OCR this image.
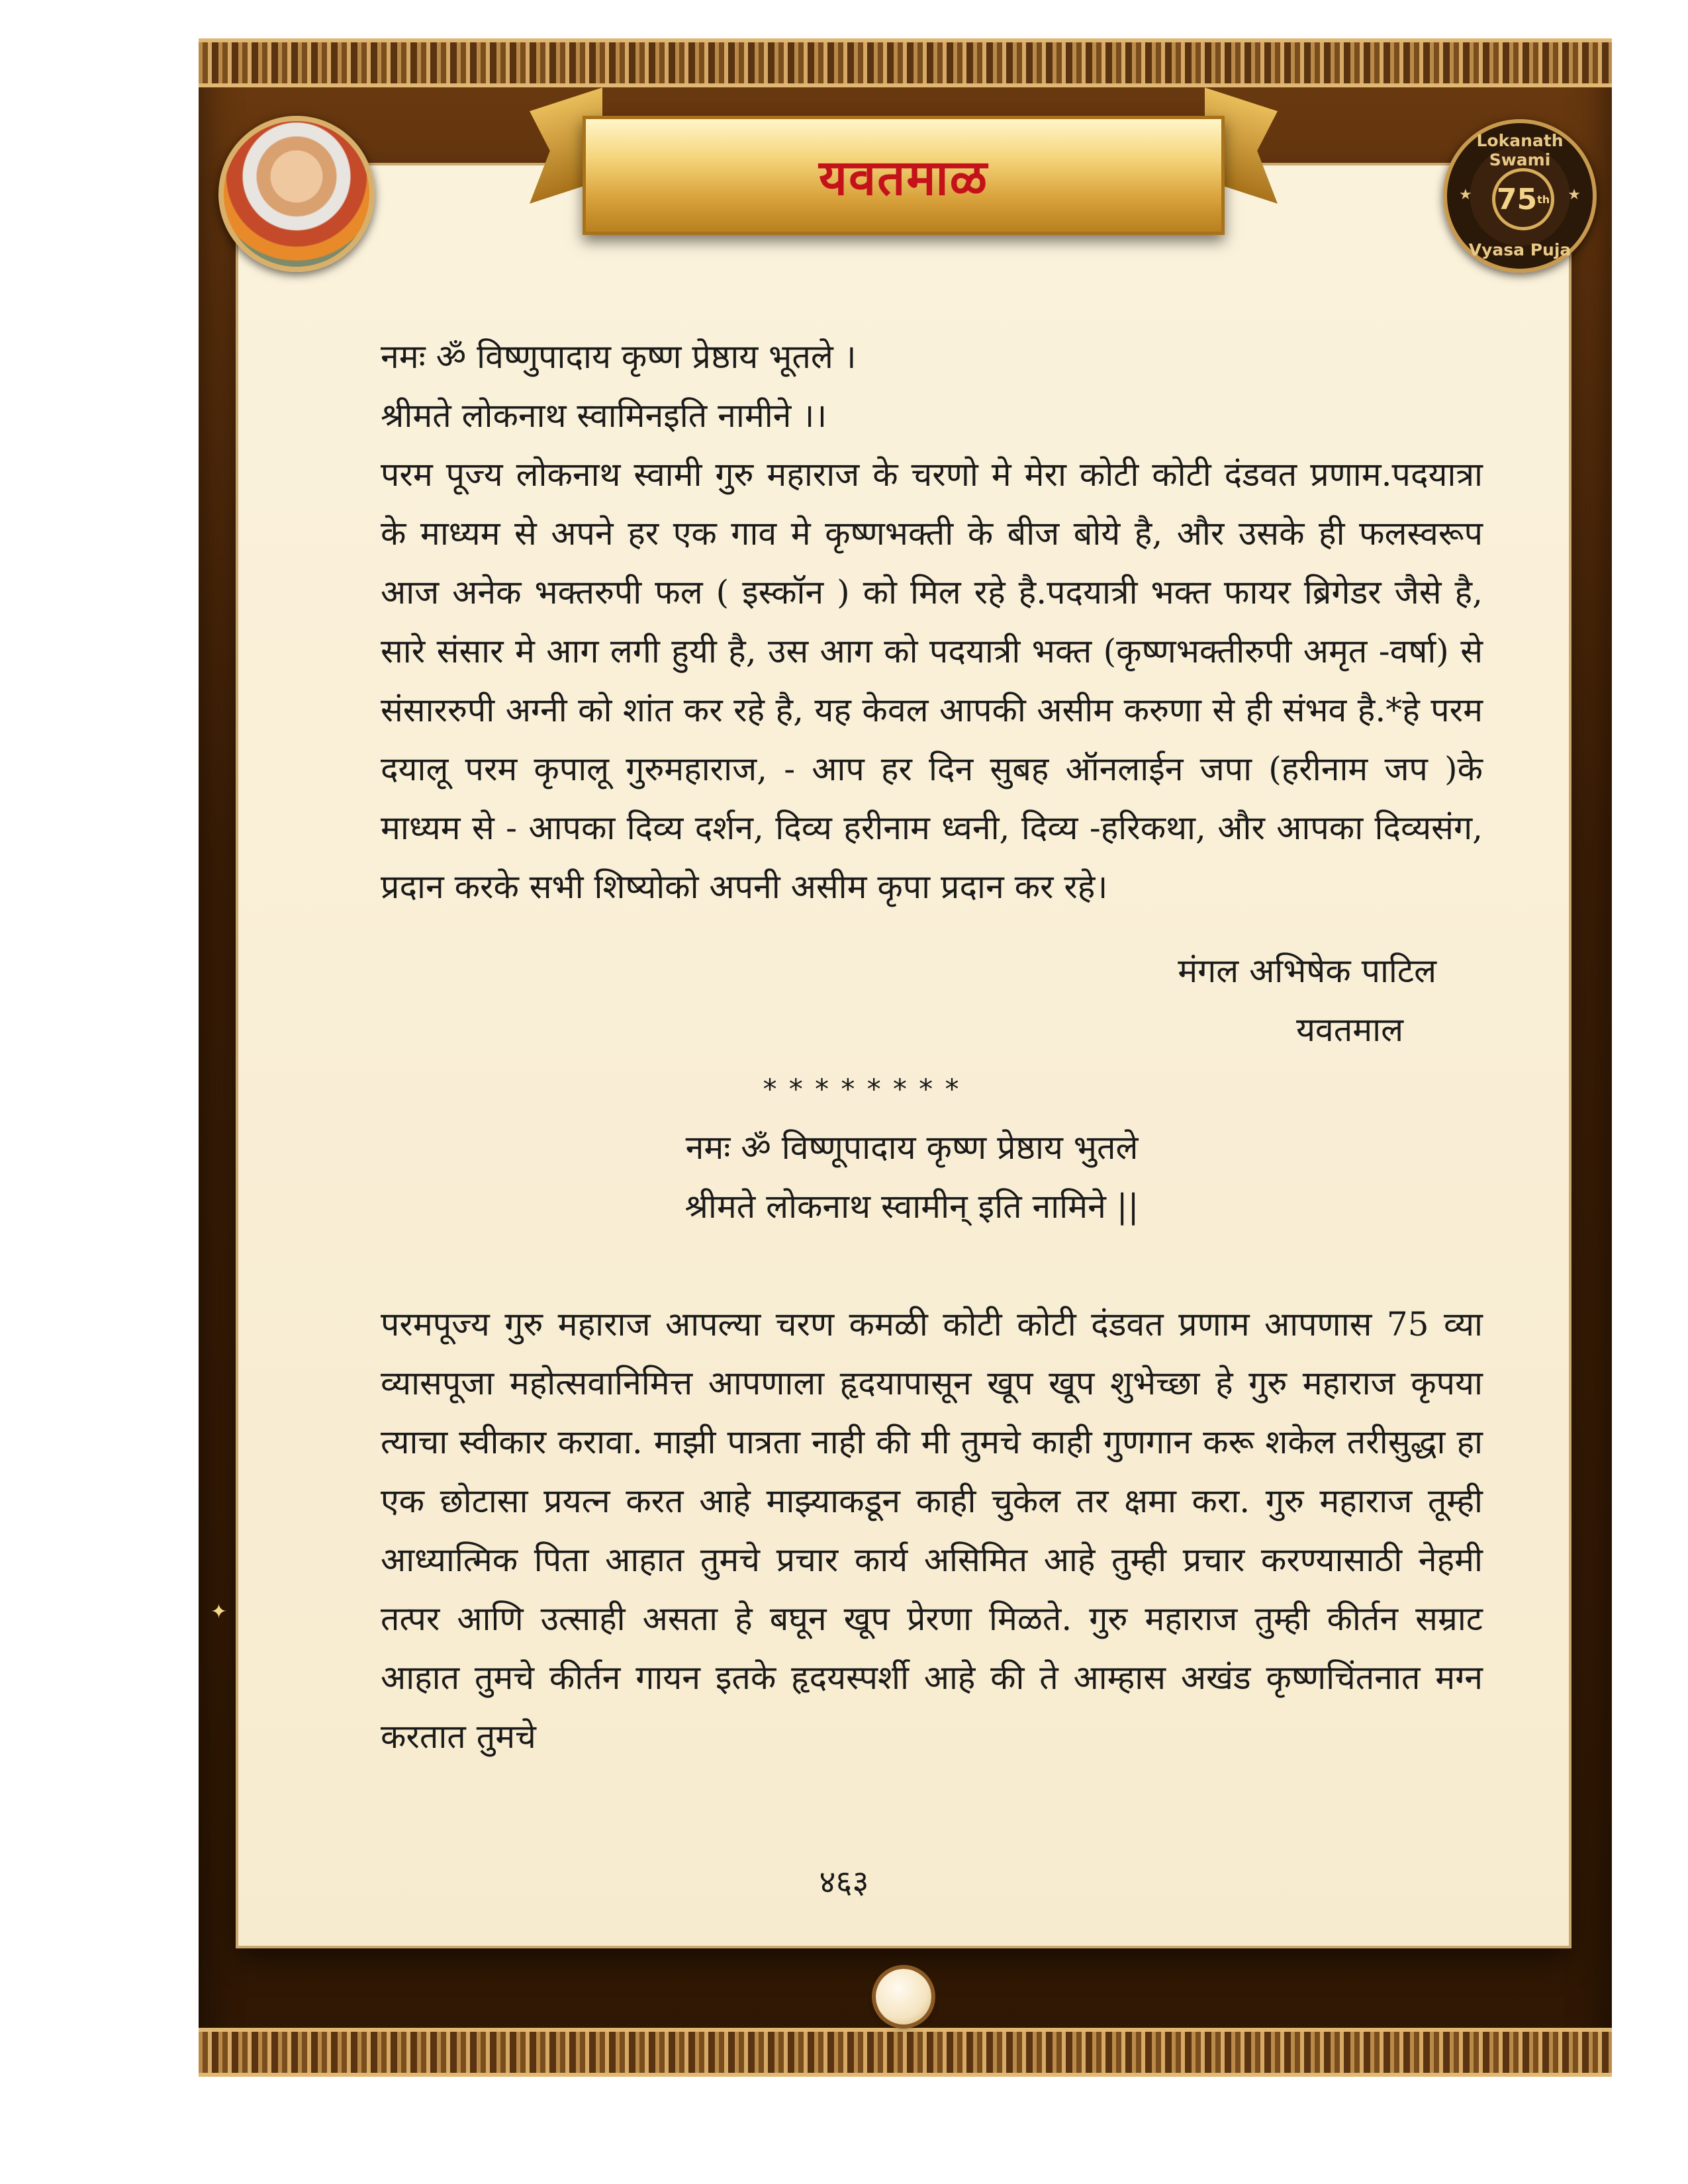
Lokanath Swami
★	★
75 th
Vyasa Puja
यवतमाळ

नमः ॐ विष्णुपादाय कृष्ण प्रेष्ठाय भूतले ।

श्रीमते लोकनाथ स्वामिनइति नामीने ।।

परम पूज्य लोकनाथ स्वामी गुरु महाराज के चरणो मे मेरा कोटी कोटी दंडवत प्रणाम.पदयात्रा के माध्यम से अपने हर एक गाव मे कृष्णभक्ती के बीज बोये है, और उसके ही फलस्वरूप आज अनेक भक्तरुपी फल ( इस्कॉन ) को मिल रहे है.पदयात्री भक्त फायर ब्रिगेडर जैसे है, सारे संसार मे आग लगी हुयी है, उस आग को पदयात्री भक्त (कृष्णभक्तीरुपी अमृत -वर्षा) से संसाररुपी अग्नी को शांत कर रहे है, यह केवल आपकी असीम करुणा से ही संभव है.*हे परम दयालू परम कृपालू गुरुमहाराज, - आप हर दिन सुबह ऑनलाईन जपा (हरीनाम जप )के माध्यम से - आपका दिव्य दर्शन, दिव्य हरीनाम ध्वनी, दिव्य -हरिकथा, और आपका दिव्यसंग, प्रदान करके सभी शिष्योको अपनी असीम कृपा प्रदान कर रहे।

मंगल अभिषेक पाटिल
यवतमाल

********

नमः ॐ विष्णूपादाय कृष्ण प्रेष्ठाय भुतले

श्रीमते लोकनाथ स्वामीन् इति नामिने ||

परमपूज्य गुरु महाराज आपल्या चरण कमळी कोटी कोटी दंडवत प्रणाम आपणास 75 व्या व्यासपूजा महोत्सवानिमित्त आपणाला हृदयापासून खूप खूप शुभेच्छा हे गुरु महाराज कृपया त्याचा स्वीकार करावा. माझी पात्रता नाही की मी तुमचे काही गुणगान करू शकेल तरीसुद्धा हा एक छोटासा प्रयत्न करत आहे माझ्याकडून काही चुकेल तर क्षमा करा. गुरु महाराज तूम्ही आध्यात्मिक पिता आहात तुमचे प्रचार कार्य असिमित आहे तुम्ही प्रचार करण्यासाठी नेहमी तत्पर आणि उत्साही असता हे बघून खूप प्रेरणा मिळते. गुरु महाराज तुम्ही कीर्तन सम्राट आहात तुमचे कीर्तन गायन इतके हृदयस्पर्शी आहे की ते आम्हास अखंड कृष्णचिंतनात मग्न करतात तुमचे

४६३
✦
